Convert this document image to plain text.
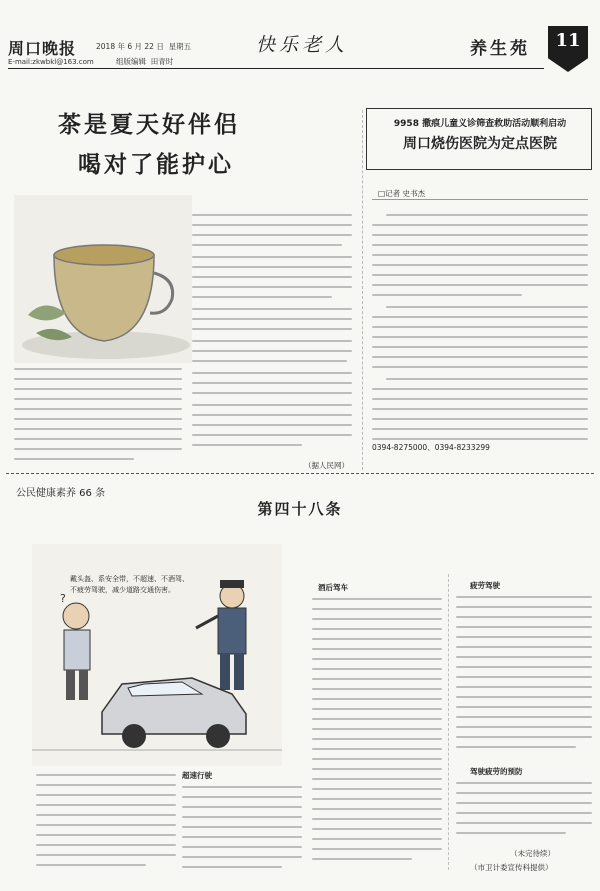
周口晚报
E-mail:zkwbkl@163.com
2018 年 6 月 22 日 星期五
组版编辑 田青时
快乐老人	养生苑	11
茶是夏天好伴侣
喝对了能护心
（据人民网）
9958 撒痕儿童义诊筛查救助活动顺利启动
周口烧伤医院为定点医院
□记者 史书杰
0394-8275000、0394-8233299
公民健康素养 66 条
第四十八条
?
戴头盔、系安全带，不超速、不酒驾、
不疲劳驾驶，减少道路交通伤害。
超速行驶
酒后驾车	疲劳驾驶
驾驶疲劳的预防
（未完待续）
（市卫计委宣传科提供）
